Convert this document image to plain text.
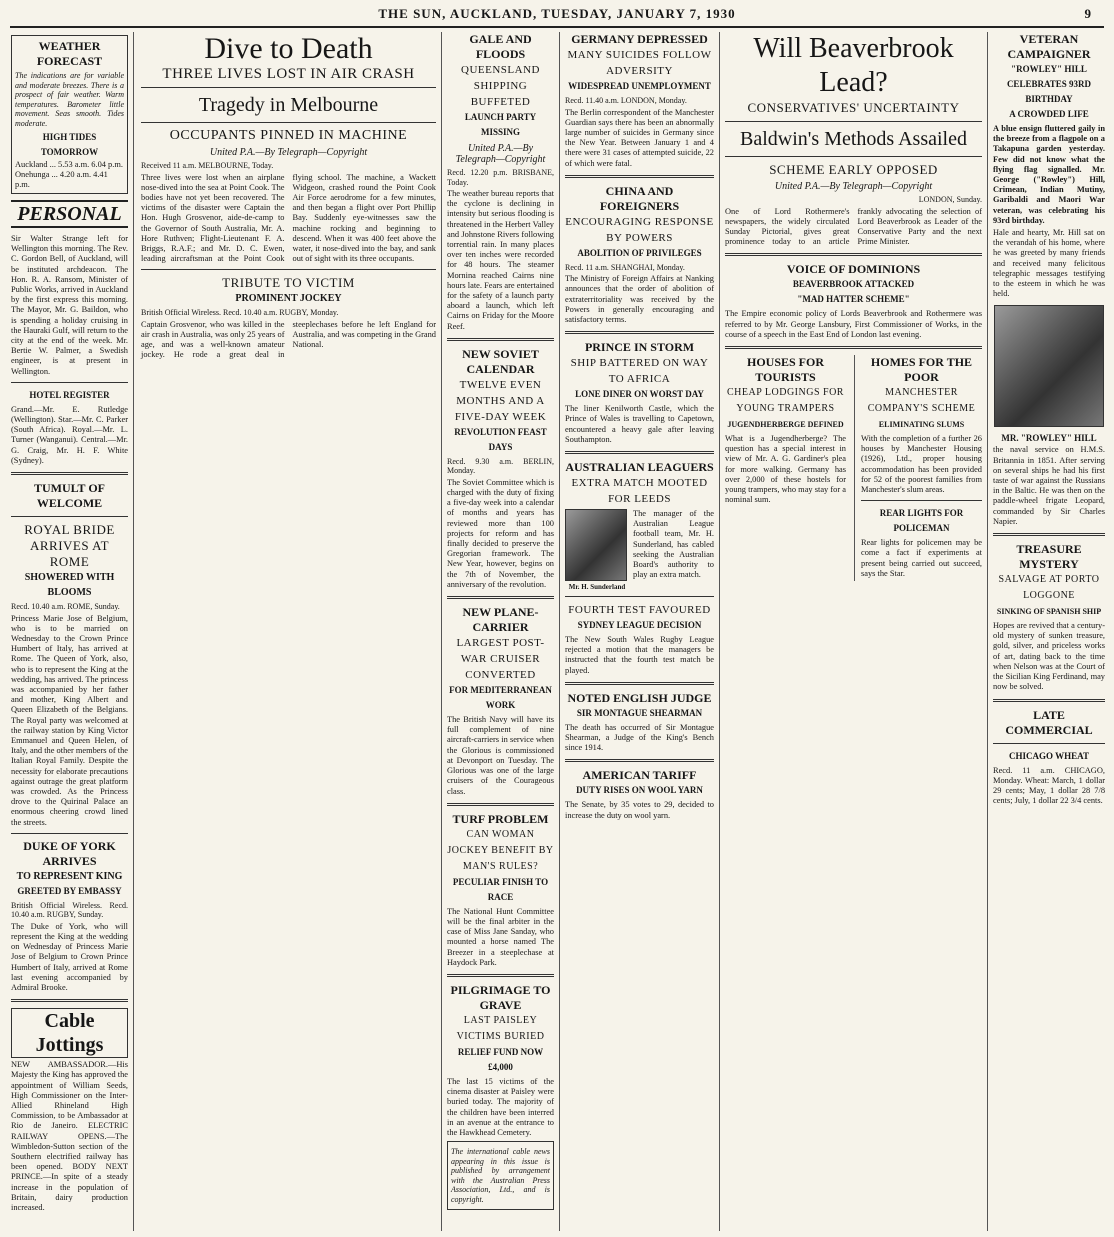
THE SUN, AUCKLAND, TUESDAY, JANUARY 7, 1930	9
WEATHER FORECAST

The indications are for variable and moderate breezes. There is a prospect of fair weather. Warm temperatures. Barometer little movement. Seas smooth. Tides moderate.

HIGH TIDES TOMORROW
Auckland ... 5.53 a.m. 6.04 p.m.
Onehunga ... 4.20 a.m. 4.41 p.m.
PERSONAL

Sir Walter Strange left for Wellington this morning. The Rev. C. Gordon Bell, of Auckland, will be instituted archdeacon. The Hon. R. A. Ransom, Minister of Public Works, arrived in Auckland by the first express this morning. The Mayor, Mr. G. Baildon, who is spending a holiday cruising in the Hauraki Gulf, will return to the city at the end of the week. Mr. Bertie W. Palmer, a Swedish engineer, is at present in Wellington.

HOTEL REGISTER

Grand.—Mr. E. Rutledge (Wellington). Star.—Mr. C. Parker (South Africa). Royal.—Mr. L. Turner (Wanganui). Central.—Mr. G. Craig, Mr. H. F. White (Sydney).

TUMULT OF WELCOME
ROYAL BRIDE ARRIVES AT ROME
SHOWERED WITH BLOOMS

Recd. 10.40 a.m. ROME, Sunday.

Princess Marie Jose of Belgium, who is to be married on Wednesday to the Crown Prince Humbert of Italy, has arrived at Rome. The Queen of York, also, who is to represent the King at the wedding, has arrived. The princess was accompanied by her father and mother, King Albert and Queen Elizabeth of the Belgians. The Royal party was welcomed at the railway station by King Victor Emmanuel and Queen Helen, of Italy, and the other members of the Italian Royal Family. Despite the necessity for elaborate precautions against outrage the great platform was crowded. As the Princess drove to the Quirinal Palace an enormous cheering crowd lined the streets.

DUKE OF YORK ARRIVES
TO REPRESENT KING
GREETED BY EMBASSY

British Official Wireless. Recd. 10.40 a.m. RUGBY, Sunday.

The Duke of York, who will represent the King at the wedding on Wednesday of Princess Marie Jose of Belgium to Crown Prince Humbert of Italy, arrived at Rome last evening accompanied by Admiral Brooke.

Cable Jottings

NEW AMBASSADOR.—His Majesty the King has approved the appointment of William Seeds, High Commissioner on the Inter-Allied Rhineland High Commission, to be Ambassador at Rio de Janeiro. ELECTRIC RAILWAY OPENS.—The Wimbledon-Sutton section of the Southern electrified railway has been opened. BODY NEXT PRINCE.—In spite of a steady increase in the population of Britain, dairy production increased.

Dive to Death
THREE LIVES LOST IN AIR CRASH
Tragedy in Melbourne
OCCUPANTS PINNED IN MACHINE
United P.A.—By Telegraph—Copyright

Received 11 a.m. MELBOURNE, Today.

Three lives were lost when an airplane nose-dived into the sea at Point Cook. The bodies have not yet been recovered. The victims of the disaster were Captain the Hon. Hugh Grosvenor, aide-de-camp to the Governor of South Australia, Mr. A. Hore Ruthven; Flight-Lieutenant F. A. Briggs, R.A.F.; and Mr. D. C. Ewen, leading aircraftsman at the Point Cook flying school. The machine, a Wackett Widgeon, crashed round the Point Cook Air Force aerodrome for a few minutes, and then began a flight over Port Phillip Bay. Suddenly eye-witnesses saw the machine rocking and beginning to descend. When it was 400 feet above the water, it nose-dived into the bay, and sank out of sight with its three occupants.

TRIBUTE TO VICTIM
PROMINENT JOCKEY

British Official Wireless. Recd. 10.40 a.m. RUGBY, Monday.

Captain Grosvenor, who was killed in the air crash in Australia, was only 25 years of age, and was a well-known amateur jockey. He rode a great deal in steeplechases before he left England for Australia, and was competing in the Grand National.

GALE AND FLOODS
QUEENSLAND SHIPPING BUFFETED
LAUNCH PARTY MISSING
United P.A.—By Telegraph—Copyright

Recd. 12.20 p.m. BRISBANE, Today.

The weather bureau reports that the cyclone is declining in intensity but serious flooding is threatened in the Herbert Valley and Johnstone Rivers following torrential rain. In many places over ten inches were recorded for 48 hours. The steamer Mornina reached Cairns nine hours late. Fears are entertained for the safety of a launch party aboard a launch, which left Cairns on Friday for the Moore Reef.

NEW SOVIET CALENDAR
TWELVE EVEN MONTHS AND A FIVE-DAY WEEK
REVOLUTION FEAST DAYS

Recd. 9.30 a.m. BERLIN, Monday.

The Soviet Committee which is charged with the duty of fixing a five-day week into a calendar of months and years has reviewed more than 100 projects for reform and has finally decided to preserve the Gregorian framework. The New Year, however, begins on the 7th of November, the anniversary of the revolution.

NEW PLANE-CARRIER
LARGEST POST-WAR CRUISER CONVERTED
FOR MEDITERRANEAN WORK

The British Navy will have its full complement of nine aircraft-carriers in service when the Glorious is commissioned at Devonport on Tuesday. The Glorious was one of the large cruisers of the Courageous class.

TURF PROBLEM
CAN WOMAN JOCKEY BENEFIT BY MAN'S RULES?
PECULIAR FINISH TO RACE

The National Hunt Committee will be the final arbiter in the case of Miss Jane Sanday, who mounted a horse named The Breezer in a steeplechase at Haydock Park.

PILGRIMAGE TO GRAVE
LAST PAISLEY VICTIMS BURIED
RELIEF FUND NOW £4,000

The last 15 victims of the cinema disaster at Paisley were buried today. The majority of the children have been interred in an avenue at the entrance to the Hawkhead Cemetery.

The international cable news appearing in this issue is published by arrangement with the Australian Press Association, Ltd., and is copyright.

GERMANY DEPRESSED
MANY SUICIDES FOLLOW ADVERSITY
WIDESPREAD UNEMPLOYMENT

Recd. 11.40 a.m. LONDON, Monday.

The Berlin correspondent of the Manchester Guardian says there has been an abnormally large number of suicides in Germany since the New Year. Between January 1 and 4 there were 31 cases of attempted suicide, 22 of which were fatal.

CHINA AND FOREIGNERS
ENCOURAGING RESPONSE BY POWERS
ABOLITION OF PRIVILEGES

Recd. 11 a.m. SHANGHAI, Monday.

The Ministry of Foreign Affairs at Nanking announces that the order of abolition of extraterritoriality was received by the Powers in generally encouraging and satisfactory terms.

PRINCE IN STORM
SHIP BATTERED ON WAY TO AFRICA
LONE DINER ON WORST DAY

The liner Kenilworth Castle, which the Prince of Wales is travelling to Capetown, encountered a heavy gale after leaving Southampton.

AUSTRALIAN LEAGUERS
EXTRA MATCH MOOTED FOR LEEDS
Mr. H. Sunderland

The manager of the Australian League football team, Mr. H. Sunderland, has cabled seeking the Australian Board's authority to play an extra match.

FOURTH TEST FAVOURED
SYDNEY LEAGUE DECISION

The New South Wales Rugby League rejected a motion that the managers be instructed that the fourth test match be played.

NOTED ENGLISH JUDGE
SIR MONTAGUE SHEARMAN

The death has occurred of Sir Montague Shearman, a Judge of the King's Bench since 1914.

AMERICAN TARIFF
DUTY RISES ON WOOL YARN

The Senate, by 35 votes to 29, decided to increase the duty on wool yarn.

Will Beaverbrook Lead?
CONSERVATIVES' UNCERTAINTY
Baldwin's Methods Assailed
SCHEME EARLY OPPOSED
United P.A.—By Telegraph—Copyright

LONDON, Sunday.

One of Lord Rothermere's newspapers, the widely circulated Sunday Pictorial, gives great prominence today to an article frankly advocating the selection of Lord Beaverbrook as Leader of the Conservative Party and the next Prime Minister.

VOICE OF DOMINIONS
BEAVERBROOK ATTACKED
"MAD HATTER SCHEME"

The Empire economic policy of Lords Beaverbrook and Rothermere was referred to by Mr. George Lansbury, First Commissioner of Works, in the course of a speech in the East End of London last evening.

HOUSES FOR TOURISTS
CHEAP LODGINGS FOR YOUNG TRAMPERS
JUGENDHERBERGE DEFINED

What is a Jugendherberge? The question has a special interest in view of Mr. A. G. Gardiner's plea for more walking. Germany has over 2,000 of these hostels for young trampers, who may stay for a nominal sum.

HOMES FOR THE POOR
MANCHESTER COMPANY'S SCHEME
ELIMINATING SLUMS

With the completion of a further 26 houses by Manchester Housing (1926), Ltd., proper housing accommodation has been provided for 52 of the poorest families from Manchester's slum areas.

REAR LIGHTS FOR POLICEMAN

Rear lights for policemen may be come a fact if experiments at present being carried out succeed, says the Star.

VETERAN CAMPAIGNER
"ROWLEY" HILL CELEBRATES 93RD BIRTHDAY
A CROWDED LIFE

A blue ensign fluttered gaily in the breeze from a flagpole on a Takapuna garden yesterday. Few did not know what the flying flag signalled. Mr. George ("Rowley") Hill, Crimean, Indian Mutiny, Garibaldi and Maori War veteran, was celebrating his 93rd birthday.

Hale and hearty, Mr. Hill sat on the verandah of his home, where he was greeted by many friends and received many felicitous telegraphic messages testifying to the esteem in which he was held.

MR. "ROWLEY" HILL

the naval service on H.M.S. Britannia in 1851. After serving on several ships he had his first taste of war against the Russians in the Baltic. He was then on the paddle-wheel frigate Leopard, commanded by Sir Charles Napier.

TREASURE MYSTERY
SALVAGE AT PORTO LOGGONE
SINKING OF SPANISH SHIP

Hopes are revived that a century-old mystery of sunken treasure, gold, silver, and priceless works of art, dating back to the time when Nelson was at the Court of the Sicilian King Ferdinand, may now be solved.

LATE COMMERCIAL
CHICAGO WHEAT

Recd. 11 a.m. CHICAGO, Monday. Wheat: March, 1 dollar 29 cents; May, 1 dollar 28 7/8 cents; July, 1 dollar 22 3/4 cents.
